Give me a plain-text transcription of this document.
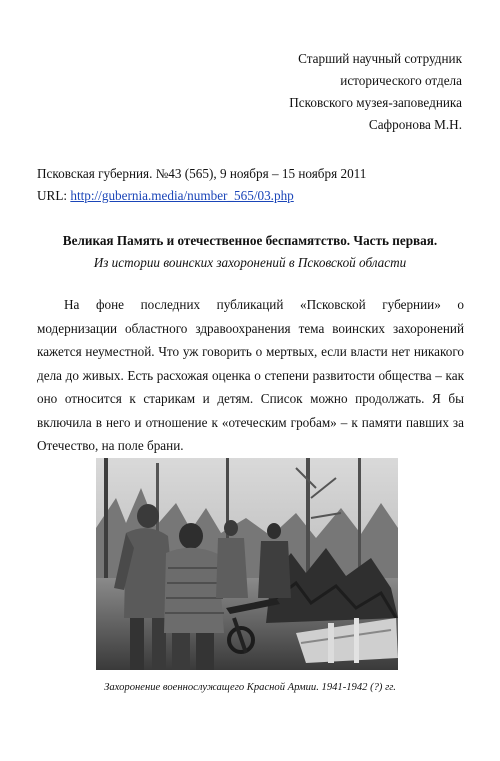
Старший научный сотрудник
исторического отдела
Псковского музея-заповедника
Сафронова М.Н.
Псковская губерния. №43 (565), 9 ноября – 15 ноября 2011
URL: http://gubernia.media/number_565/03.php
Великая Память и отечественное беспамятство. Часть первая.
Из истории воинских захоронений в Псковской области

На фоне последних публикаций «Псковской губернии» о модернизации областного здравоохранения тема воинских захоронений кажется неуместной. Что уж говорить о мертвых, если власти нет никакого дела до живых. Есть расхожая оценка о степени развитости общества – как оно относится к старикам и детям. Список можно продолжать. Я бы включила в него и отношение к «отеческим гробам» – к памяти павших за Отечество, на поле брани.

Захоронение военнослужащего Красной Армии. 1941-1942 (?) гг.
